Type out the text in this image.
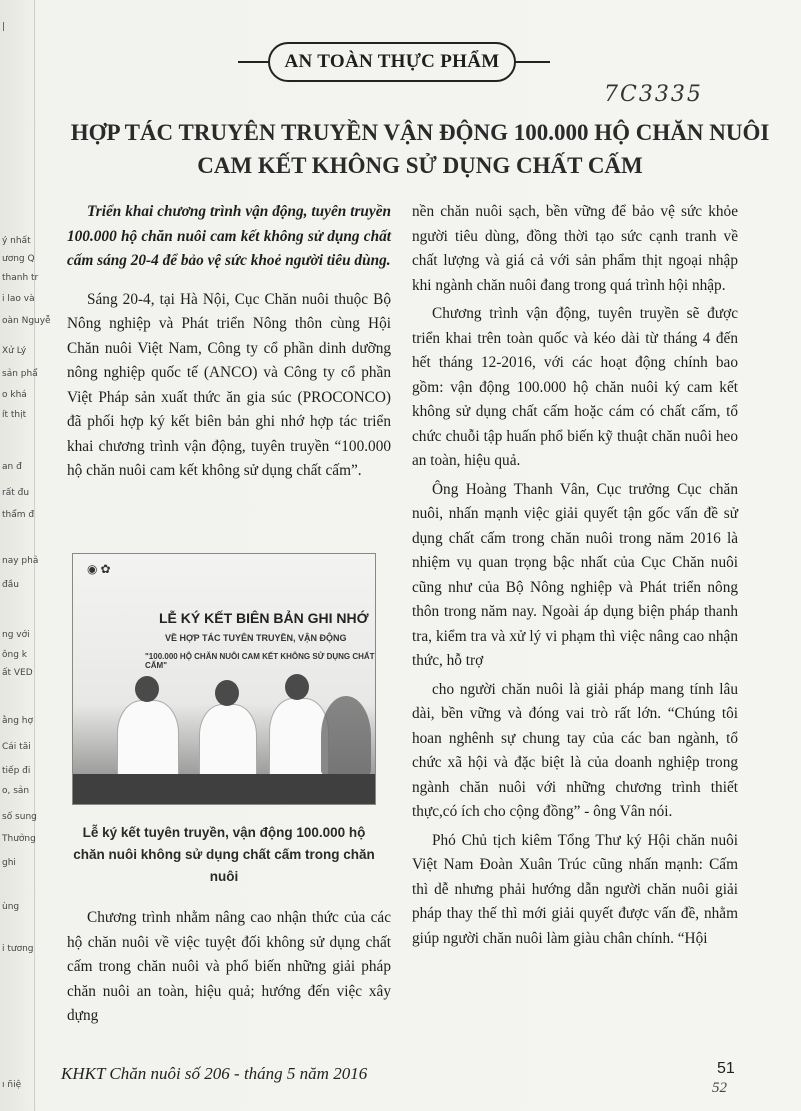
|
ý nhất
ương Q
thanh tr
i lao và
oàn Nguyễ
Xử Lý
sản phẩ
o khá
ít thịt
an đ
rất đu
thẩm đ
nay phả
đầu
ng với
ông k
ất VED
ằng hợ
Cái tăi
tiếp đi
o, sản
số sung
Thưởng
ghi
ùng
i tương
ı ñiệ
AN TOÀN THỰC PHẨM
7C3335
HỢP TÁC TRUYÊN TRUYỀN VẬN ĐỘNG 100.000 HỘ CHĂN NUÔI
CAM KẾT KHÔNG SỬ DỤNG CHẤT CẤM

Triển khai chương trình vận động, tuyên truyền 100.000 hộ chăn nuôi cam kết không sử dụng chất cấm sáng 20-4 để bảo vệ sức khoẻ người tiêu dùng.

Sáng 20-4, tại Hà Nội, Cục Chăn nuôi thuộc Bộ Nông nghiệp và Phát triển Nông thôn cùng Hội Chăn nuôi Việt Nam, Công ty cổ phần dinh dưỡng nông nghiệp quốc tế (ANCO) và Công ty cổ phần Việt Pháp sản xuất thức ăn gia súc (PROCONCO) đã phối hợp ký kết biên bản ghi nhớ hợp tác triển khai chương trình vận động, tuyên truyền “100.000 hộ chăn nuôi cam kết không sử dụng chất cấm”.

◉ ✿
LỄ KÝ KẾT BIÊN BẢN GHI NHỚ
VỀ HỢP TÁC TUYÊN TRUYỀN, VẬN ĐỘNG
"100.000 HỘ CHĂN NUÔI CAM KẾT KHÔNG SỬ DỤNG CHẤT CẤM"
Lễ ký kết tuyên truyền, vận động 100.000 hộ chăn nuôi không sử dụng chất cấm trong chăn nuôi

Chương trình nhằm nâng cao nhận thức của các hộ chăn nuôi về việc tuyệt đối không sử dụng chất cấm trong chăn nuôi và phổ biến những giải pháp chăn nuôi an toàn, hiệu quả; hướng đến việc xây dựng

nền chăn nuôi sạch, bền vững để bảo vệ sức khỏe người tiêu dùng, đồng thời tạo sức cạnh tranh về chất lượng và giá cả với sản phẩm thịt ngoại nhập khi ngành chăn nuôi đang trong quá trình hội nhập.

Chương trình vận động, tuyên truyền sẽ được triển khai trên toàn quốc và kéo dài từ tháng 4 đến hết tháng 12-2016, với các hoạt động chính bao gồm: vận động 100.000 hộ chăn nuôi ký cam kết không sử dụng chất cấm hoặc cám có chất cấm, tổ chức chuỗi tập huấn phổ biến kỹ thuật chăn nuôi heo an toàn, hiệu quả.

Ông Hoàng Thanh Vân, Cục trưởng Cục chăn nuôi, nhấn mạnh việc giải quyết tận gốc vấn đề sử dụng chất cấm trong chăn nuôi trong năm 2016 là nhiệm vụ quan trọng bậc nhất của Cục Chăn nuôi cũng như của Bộ Nông nghiệp và Phát triển nông thôn trong năm nay. Ngoài áp dụng biện pháp thanh tra, kiểm tra và xử lý vi phạm thì việc nâng cao nhận thức, hỗ trợ

cho người chăn nuôi là giải pháp mang tính lâu dài, bền vững và đóng vai trò rất lớn. “Chúng tôi hoan nghênh sự chung tay của các ban ngành, tổ chức xã hội và đặc biệt là của doanh nghiệp trong ngành chăn nuôi với những chương trình thiết thực,có ích cho cộng đồng” - ông Vân nói.

Phó Chủ tịch kiêm Tổng Thư ký Hội chăn nuôi Việt Nam Đoàn Xuân Trúc cũng nhấn mạnh: Cấm thì dễ nhưng phải hướng dẫn người chăn nuôi giải pháp thay thế thì mới giải quyết được vấn đề, nhằm giúp người chăn nuôi làm giàu chân chính. “Hội

KHKT Chăn nuôi số 206 - tháng 5 năm 2016	51
52
